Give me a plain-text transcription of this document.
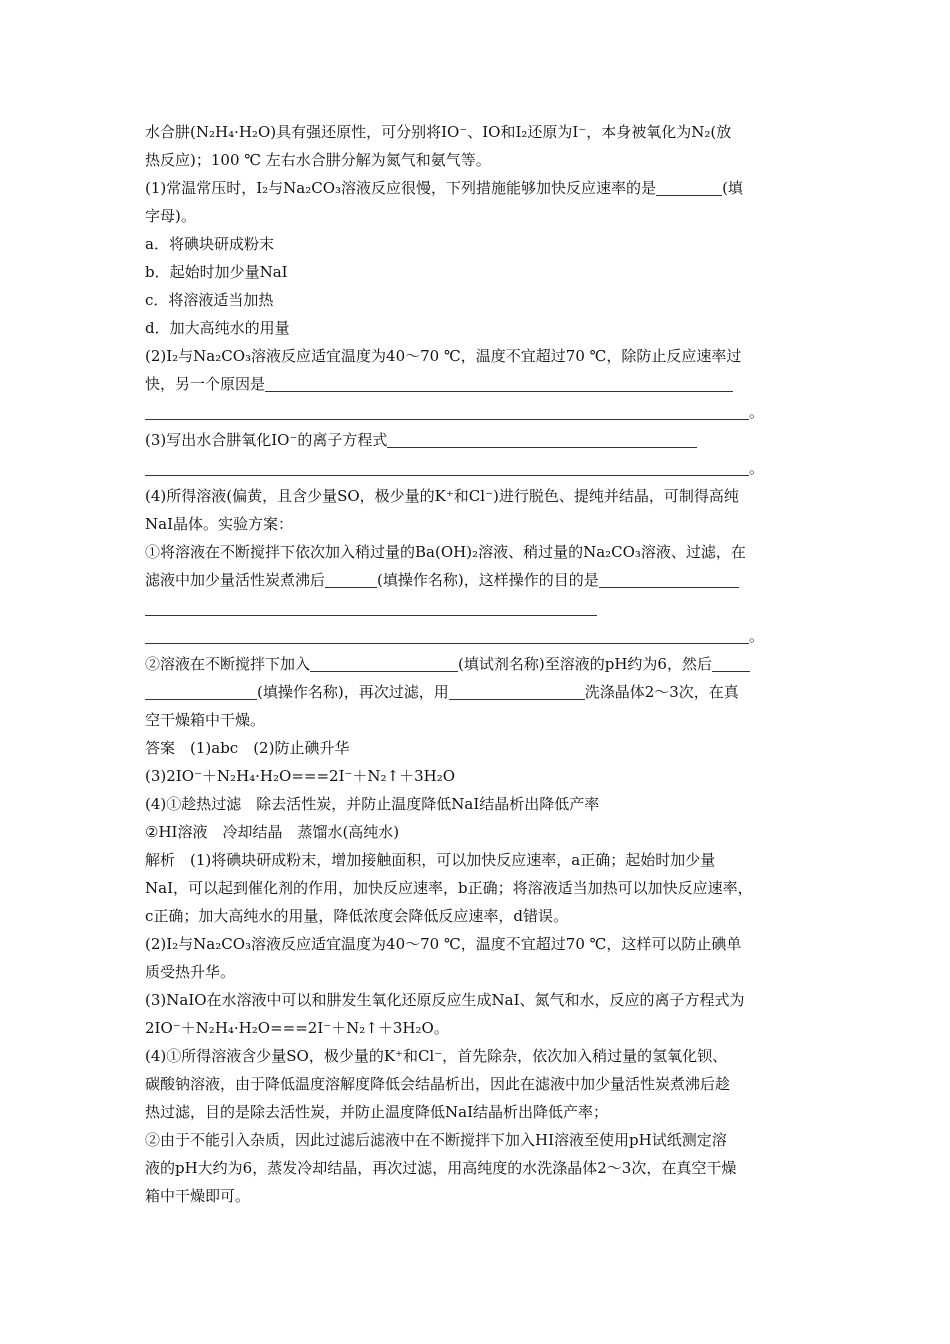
水合肼(N₂H₄·H₂O)具有强还原性，可分别将IO⁻、IO和I₂还原为I⁻，本身被氧化为N₂(放
热反应)；100 ℃ 左右水合肼分解为氮气和氨气等。
(1)常温常压时，I₂与Na₂CO₃溶液反应很慢，下列措施能够加快反应速率的是	(填
字母)。
a．将碘块研成粉末
b．起始时加少量NaI
c．将溶液适当加热
d．加大高纯水的用量
(2)I₂与Na₂CO₃溶液反应适宜温度为40～70 ℃，温度不宜超过70 ℃，除防止反应速率过
快，另一个原因是
。
(3)写出水合肼氧化IO⁻的离子方程式
。
(4)所得溶液(偏黄，且含少量SO，极少量的K⁺和Cl⁻)进行脱色、提纯并结晶，可制得高纯
NaI晶体。实验方案：
①将溶液在不断搅拌下依次加入稍过量的Ba(OH)₂溶液、稍过量的Na₂CO₃溶液、过滤，在
滤液中加少量活性炭煮沸后	(填操作名称)，这样操作的目的是
。
②溶液在不断搅拌下加入	(填试剂名称)至溶液的pH约为6，然后
(填操作名称)，再次过滤，用	洗涤晶体2～3次，在真
空干燥箱中干燥。
答案　(1)abc　(2)防止碘升华
(3)2IO⁻＋N₂H₄·H₂O===2I⁻＋N₂↑＋3H₂O
(4)①趁热过滤　除去活性炭，并防止温度降低NaI结晶析出降低产率
②HI溶液　冷却结晶　蒸馏水(高纯水)
解析　(1)将碘块研成粉末，增加接触面积，可以加快反应速率，a正确；起始时加少量
NaI，可以起到催化剂的作用，加快反应速率，b正确；将溶液适当加热可以加快反应速率，
c正确；加大高纯水的用量，降低浓度会降低反应速率，d错误。
(2)I₂与Na₂CO₃溶液反应适宜温度为40～70 ℃，温度不宜超过70 ℃，这样可以防止碘单
质受热升华。
(3)NaIO在水溶液中可以和肼发生氧化还原反应生成NaI、氮气和水，反应的离子方程式为
2IO⁻＋N₂H₄·H₂O===2I⁻＋N₂↑＋3H₂O。
(4)①所得溶液含少量SO，极少量的K⁺和Cl⁻，首先除杂，依次加入稍过量的氢氧化钡、
碳酸钠溶液，由于降低温度溶解度降低会结晶析出，因此在滤液中加少量活性炭煮沸后趁
热过滤，目的是除去活性炭，并防止温度降低NaI结晶析出降低产率；
②由于不能引入杂质，因此过滤后滤液中在不断搅拌下加入HI溶液至使用pH试纸测定溶
液的pH大约为6，蒸发冷却结晶，再次过滤，用高纯度的水洗涤晶体2～3次，在真空干燥
箱中干燥即可。
